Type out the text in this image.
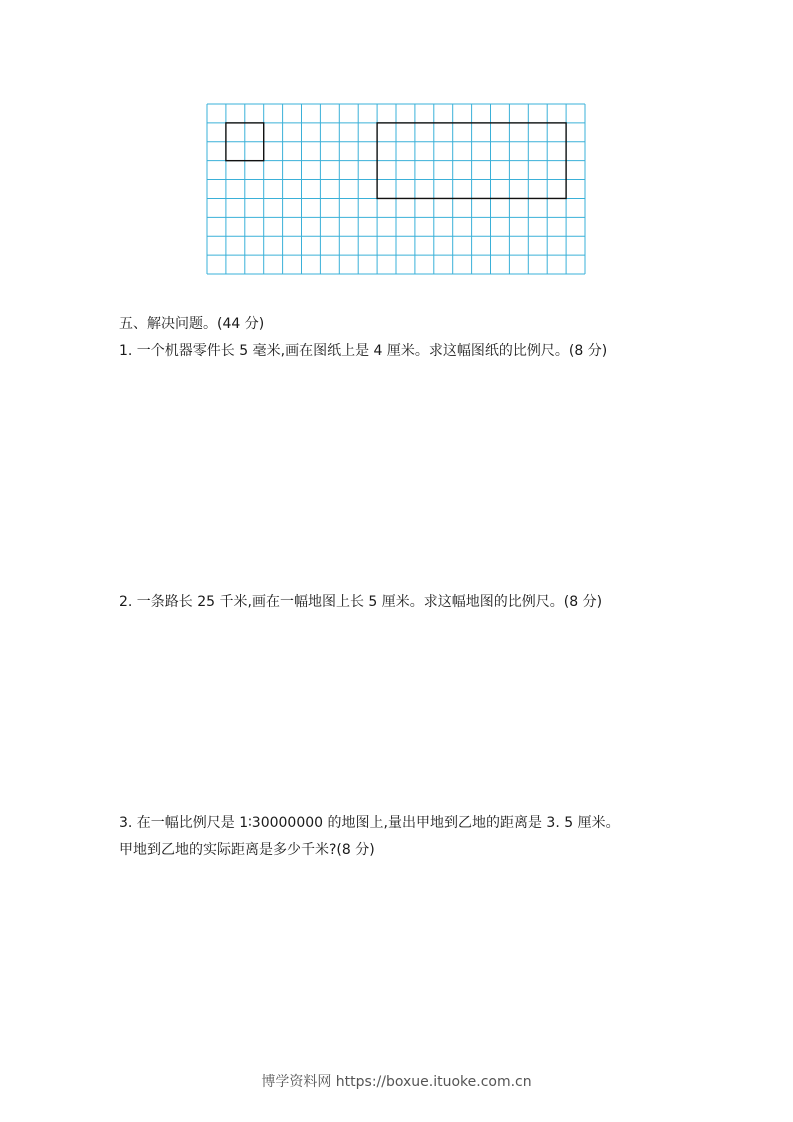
五、解决问题。(44 分)
1. 一个机器零件长 5 毫米,画在图纸上是 4 厘米。求这幅图纸的比例尺。(8 分)
2. 一条路长 25 千米,画在一幅地图上长 5 厘米。求这幅地图的比例尺。(8 分)
3. 在一幅比例尺是 1∶30000000 的地图上,量出甲地到乙地的距离是 3. 5 厘米。
甲地到乙地的实际距离是多少千米?(8 分)
博学资料网 https://boxue.ituoke.com.cn
